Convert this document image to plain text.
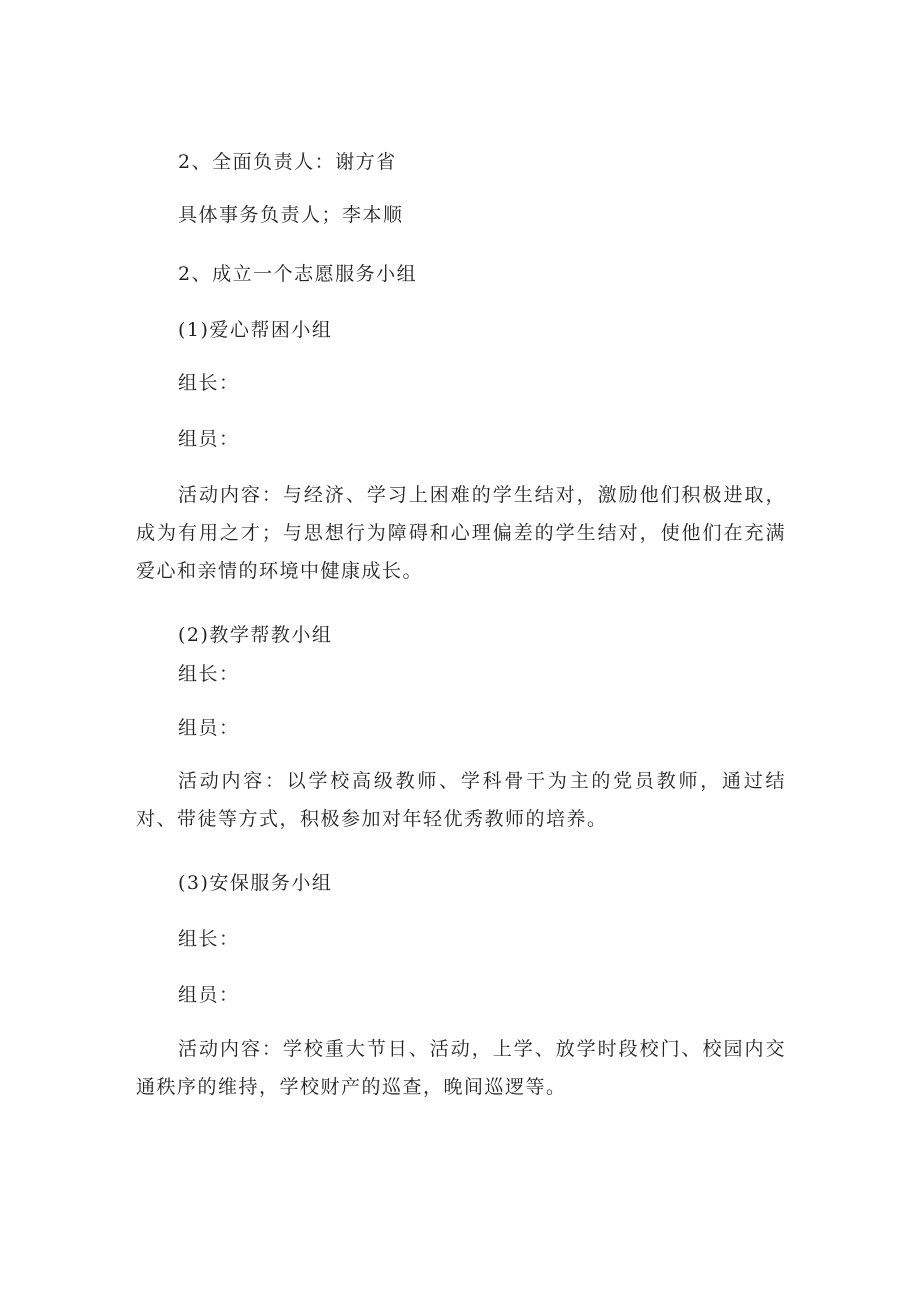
2、全面负责人：谢方省
具体事务负责人；李本顺
2、成立一个志愿服务小组
(1)爱心帮困小组
组长：
组员：
活动内容：与经济、学习上困难的学生结对，激励他们积极进取，成为有用之才；与思想行为障碍和心理偏差的学生结对，使他们在充满爱心和亲情的环境中健康成长。
(2)教学帮教小组
组长：
组员：
活动内容：以学校高级教师、学科骨干为主的党员教师，通过结对、带徒等方式，积极参加对年轻优秀教师的培养。
(3)安保服务小组
组长：
组员：
活动内容：学校重大节日、活动，上学、放学时段校门、校园内交通秩序的维持，学校财产的巡查，晚间巡逻等。
